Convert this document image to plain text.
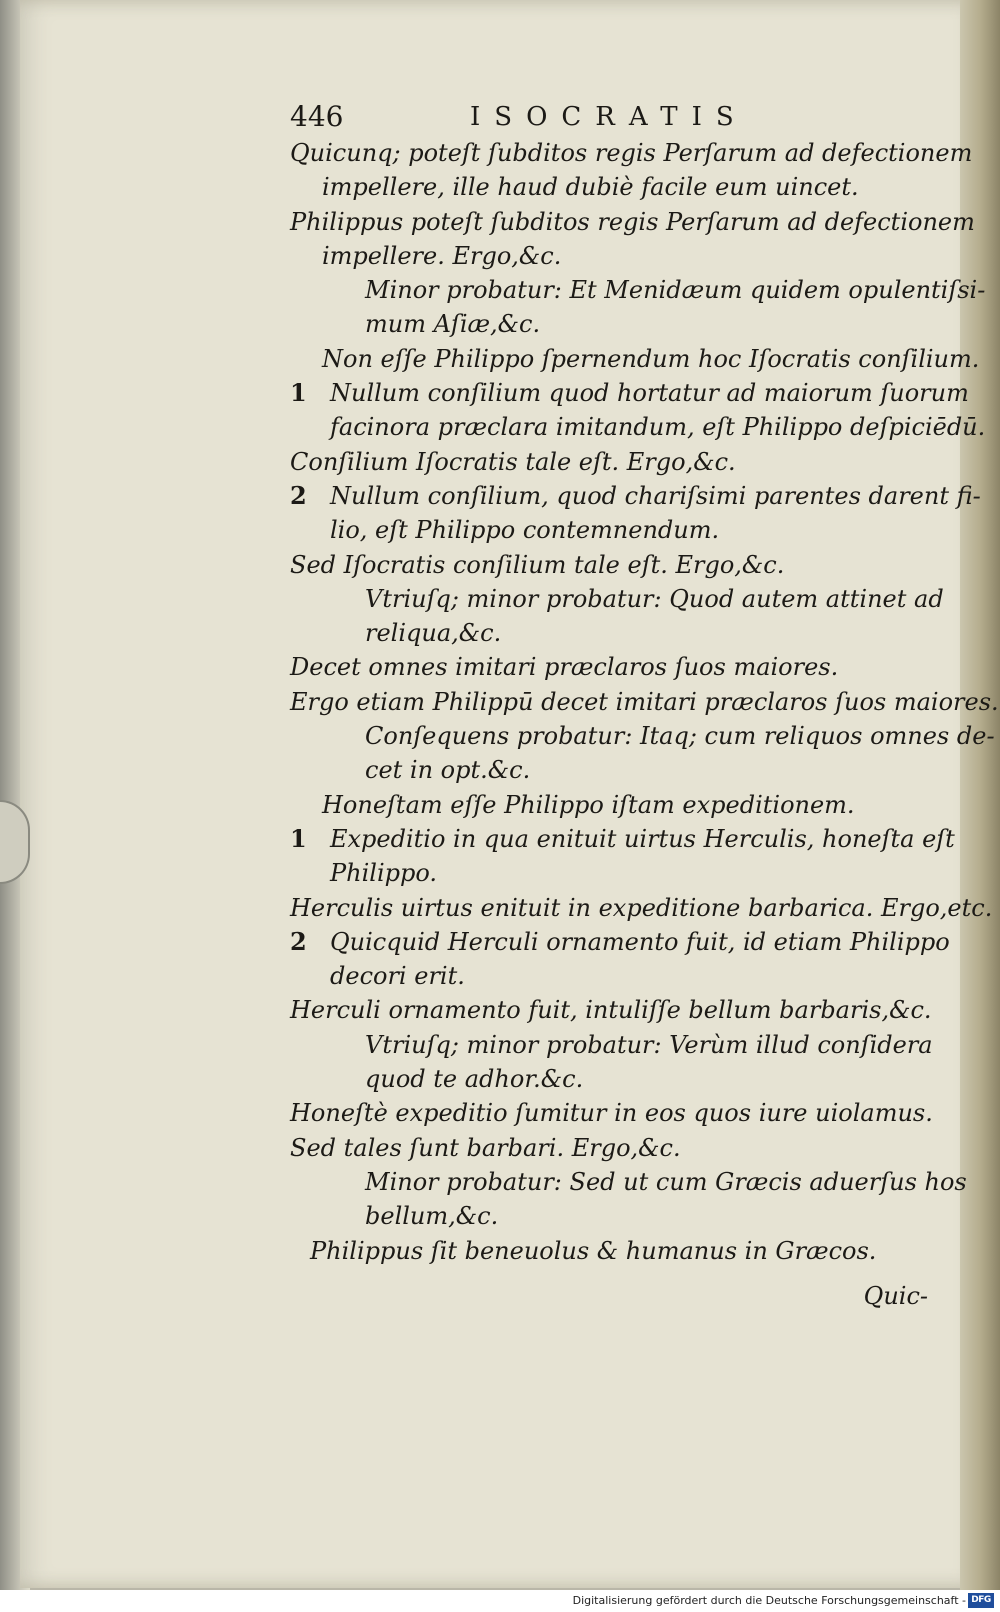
446	ISOCRATIS
Quicunq; poteſt ſubditos regis Perſarum ad defectionem
impellere, ille haud dubiè facile eum uincet.
Philippus poteſt ſubditos regis Perſarum ad defectionem
impellere. Ergo,&c.
Minor probatur: Et Menidæum quidem opulentiſsi-
mum Aſiæ,&c.
Non eſſe Philippo ſpernendum hoc Iſocratis conſilium.
1 Nullum conſilium quod hortatur ad maiorum ſuorum
facinora præclara imitandum, eſt Philippo deſpiciēdū.
Conſilium Iſocratis tale eſt. Ergo,&c.
2 Nullum conſilium, quod chariſsimi parentes darent fi-
lio, eſt Philippo contemnendum.
Sed Iſocratis conſilium tale eſt. Ergo,&c.
Vtriuſq; minor probatur: Quod autem attinet ad
reliqua,&c.
Decet omnes imitari præclaros ſuos maiores.
Ergo etiam Philippū decet imitari præclaros ſuos maiores.
Conſequens probatur: Itaq; cum reliquos omnes de-
cet in opt.&c.
Honeſtam eſſe Philippo iſtam expeditionem.
1 Expeditio in qua enituit uirtus Herculis, honeſta eſt
Philippo.
Herculis uirtus enituit in expeditione barbarica. Ergo,etc.
2 Quicquid Herculi ornamento fuit, id etiam Philippo
decori erit.
Herculi ornamento fuit, intuliſſe bellum barbaris,&c.
Vtriuſq; minor probatur: Verùm illud conſidera
quod te adhor.&c.
Honeſtè expeditio ſumitur in eos quos iure uiolamus.
Sed tales ſunt barbari. Ergo,&c.
Minor probatur: Sed ut cum Græcis aduerſus hos
bellum,&c.
Philippus ſit beneuolus & humanus in Græcos.
Quic-
Digitalisierung gefördert durch die Deutsche Forschungsgemeinschaft - DFG
